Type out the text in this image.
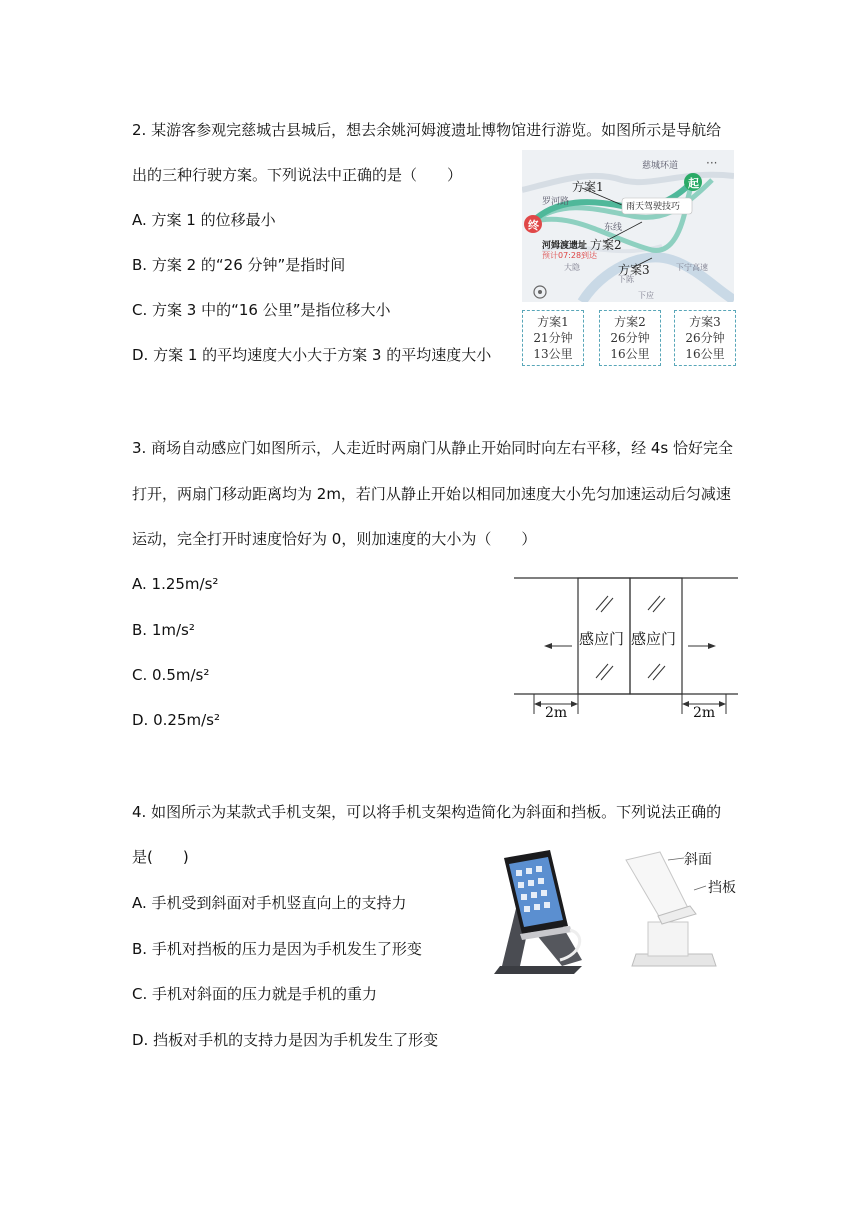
2. 某游客参观完慈城古县城后，想去余姚河姆渡遗址博物馆进行游览。如图所示是导航给
出的三种行驶方案。下列说法中正确的是（　　）
A. 方案 1 的位移最小
B. 方案 2 的“26 分钟”是指时间
C. 方案 3 中的“16 公里”是指位移大小
D. 方案 1 的平均速度大小大于方案 3 的平均速度大小
起
终
雨天驾驶技巧
慈城环道
罗河路
东线
河姆渡遗址
预计07:28到达
大隐
下陈
下应
下宁高速
方案1
方案2
方案3
···
方案1
21分钟
13公里
方案2
26分钟
16公里
方案3
26分钟
16公里
3. 商场自动感应门如图所示，人走近时两扇门从静止开始同时向左右平移，经 4s 恰好完全
打开，两扇门移动距离均为 2m，若门从静止开始以相同加速度大小先匀加速运动后匀减速
运动，完全打开时速度恰好为 0，则加速度的大小为（　　）
A. 1.25m/s²
B. 1m/s²
C. 0.5m/s²
D. 0.25m/s²
感应门 感应门
2m	2m
4. 如图所示为某款式手机支架，可以将手机支架构造简化为斜面和挡板。下列说法正确的
是(　　)
A. 手机受到斜面对手机竖直向上的支持力
B. 手机对挡板的压力是因为手机发生了形变
C. 手机对斜面的压力就是手机的重力
D. 挡板对手机的支持力是因为手机发生了形变
斜面
挡板
